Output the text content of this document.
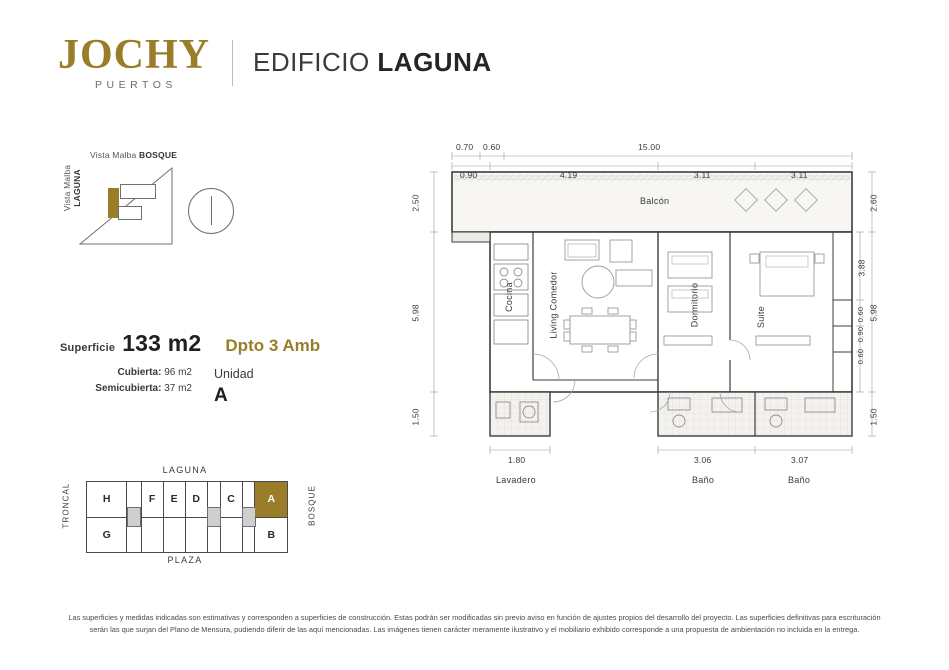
JOCHY
PUERTOS
EDIFICIO LAGUNA
Vista Malba BOSQUE
Vista Malba LAGUNA
Superficie 133 m2 Dpto 3 Amb
Cubierta: 96 m2
Semicubierta: 37 m2
Unidad
A
LAGUNA
PLAZA
TRONCAL	BOSQUE
H
G
F	E	D	C	A
B
0.70 0.60	15.00
0.90	4.19	3.11	3.11
2.50
5.98
1.50
2.60
3.88
5.98
0.60
0.90
0.60
1.50
1.80	3.06	3.07
Balcón
Cocina	Living Comedor	Dormitorio	Suite
Lavadero	Baño	Baño
Las superficies y medidas indicadas son estimativas y corresponden a superficies de construcción. Estas podrán ser modificadas sin previo aviso en función de ajustes propios del desarrollo del proyecto. Las superficies definitivas para escrituración
serán las que surjan del Plano de Mensura, pudiendo diferir de las aquí mencionadas. Las imágenes tienen carácter meramente ilustrativo y el mobiliario exhibido corresponde a una propuesta de ambientación no incluida en la entrega.
